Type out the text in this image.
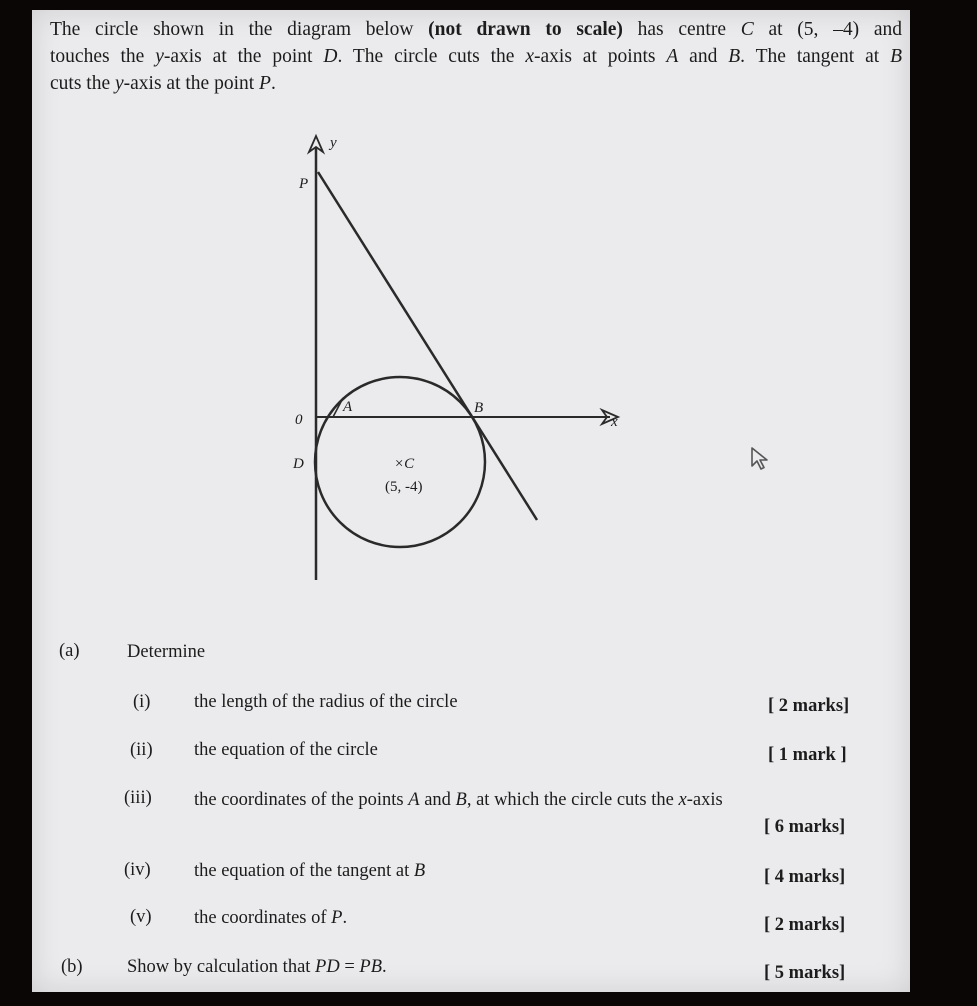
The circle shown in the diagram below (not drawn to scale) has centre C at (5, –4) and
touches the y-axis at the point D. The circle cuts the x-axis at points A and B. The tangent at B
cuts the y-axis at the point P.

y
x
P
0
A	B
D	×C
(5, -4)
(a)	Determine
(i) the length of the radius of the circle	[ 2 marks]
(ii) the equation of the circle	[ 1 mark ]
(iii) the coordinates of the points A and B, at which the circle cuts the x-axis
[ 6 marks]
(iv) the equation of the tangent at B	[ 4 marks]
(v) the coordinates of P.	[ 2 marks]
(b) Show by calculation that PD = PB.	[ 5 marks]
